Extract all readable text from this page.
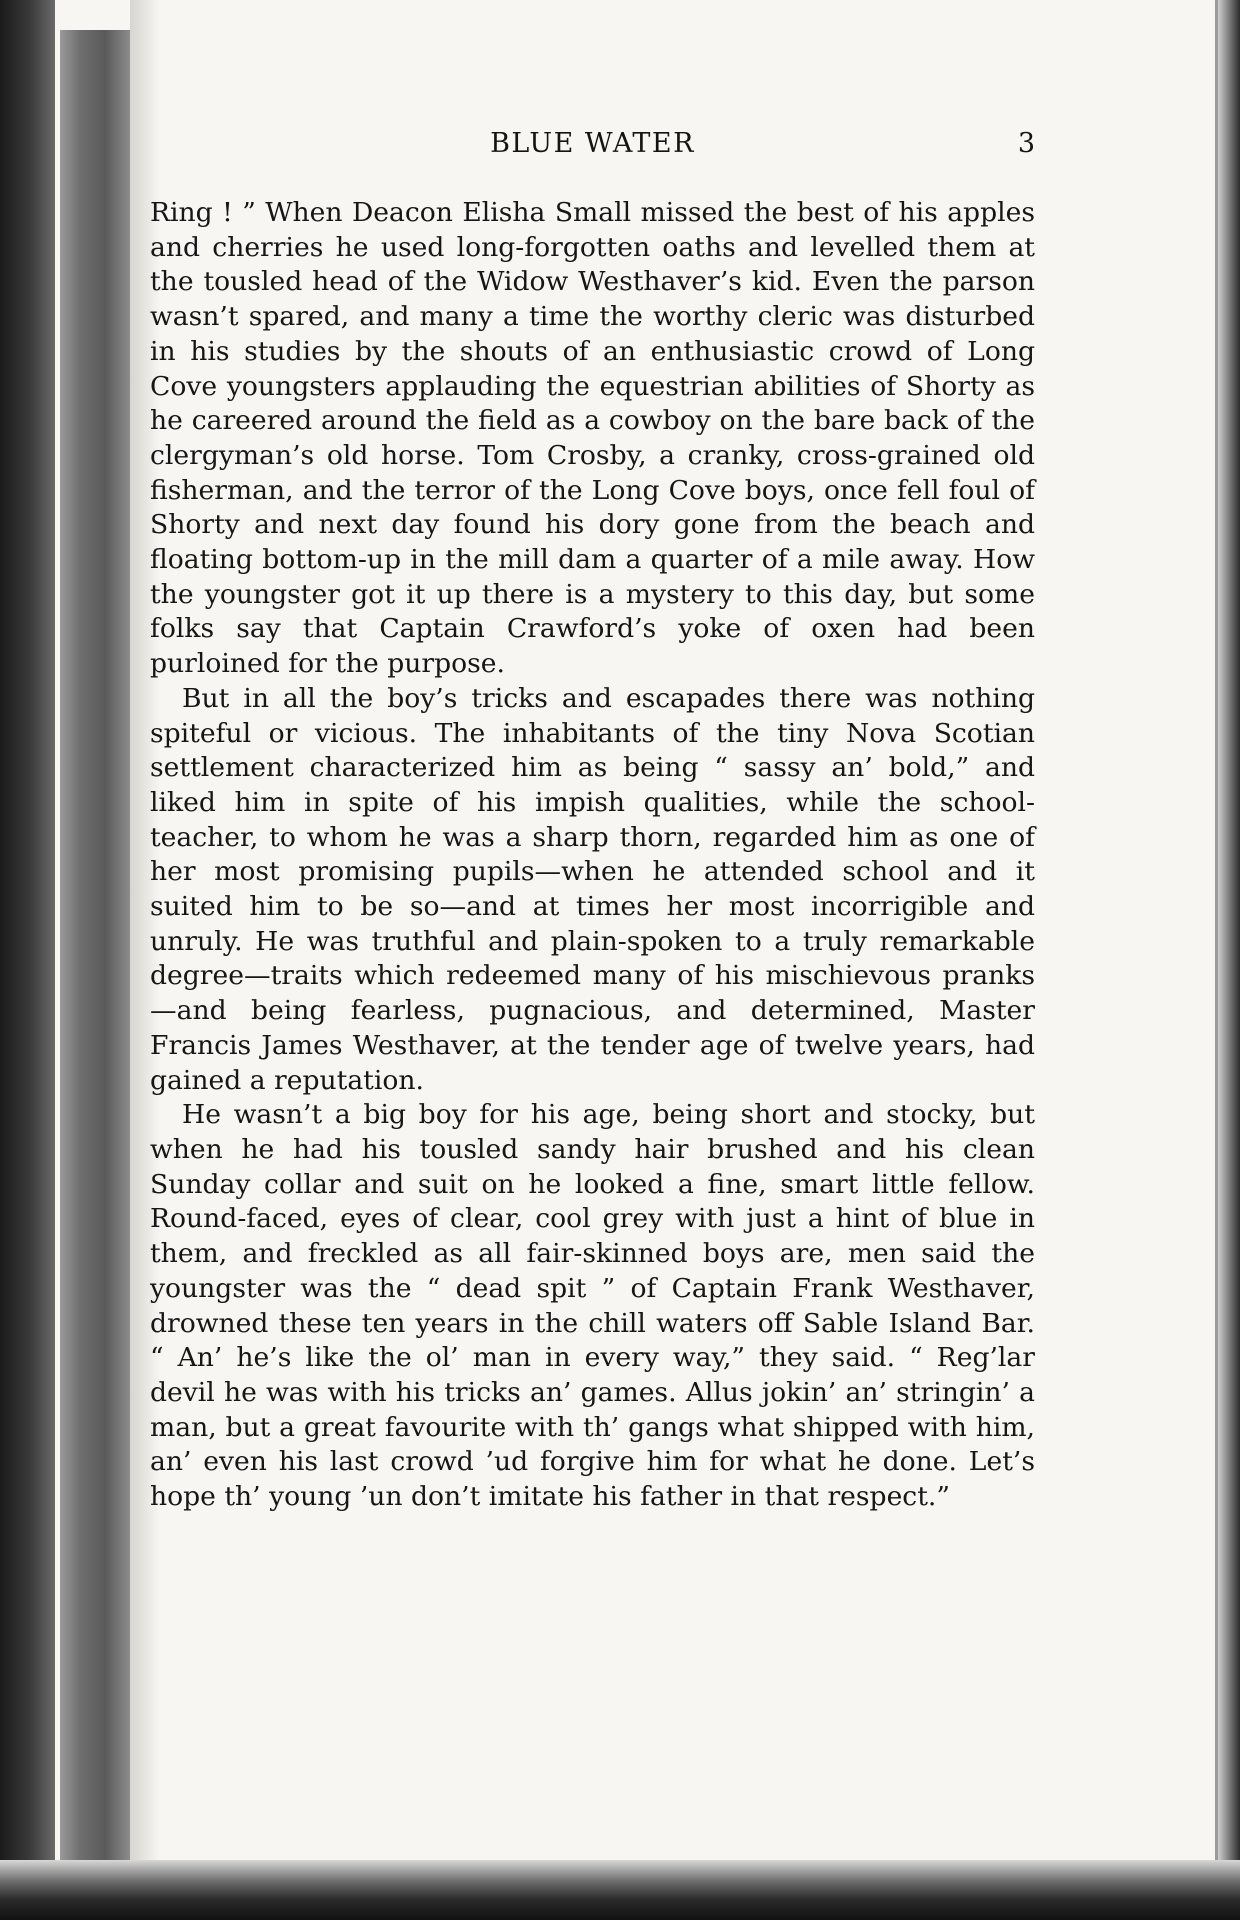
BLUE WATER	3

Ring ! ” When Deacon Elisha Small missed the best of his apples and cherries he used long-forgotten oaths and levelled them at the tousled head of the Widow Westhaver’s kid. Even the parson wasn’t spared, and many a time the worthy cleric was disturbed in his studies by the shouts of an enthusiastic crowd of Long Cove youngsters applauding the equestrian abilities of Shorty as he careered around the field as a cowboy on the bare back of the clergyman’s old horse. Tom Crosby, a cranky, cross-grained old fisherman, and the terror of the Long Cove boys, once fell foul of Shorty and next day found his dory gone from the beach and floating bottom-up in the mill dam a quarter of a mile away. How the youngster got it up there is a mystery to this day, but some folks say that Captain Crawford’s yoke of oxen had been purloined for the purpose.

But in all the boy’s tricks and escapades there was nothing spiteful or vicious. The inhabitants of the tiny Nova Scotian settlement characterized him as being “ sassy an’ bold,” and liked him in spite of his impish qualities, while the school-teacher, to whom he was a sharp thorn, regarded him as one of her most promising pupils—when he attended school and it suited him to be so—and at times her most incorrigible and unruly. He was truthful and plain-spoken to a truly remarkable degree—traits which redeemed many of his mischievous pranks—and being fearless, pugnacious, and determined, Master Francis James Westhaver, at the tender age of twelve years, had gained a reputation.

He wasn’t a big boy for his age, being short and stocky, but when he had his tousled sandy hair brushed and his clean Sunday collar and suit on he looked a fine, smart little fellow. Round-faced, eyes of clear, cool grey with just a hint of blue in them, and freckled as all fair-skinned boys are, men said the youngster was the “ dead spit ” of Captain Frank Westhaver, drowned these ten years in the chill waters off Sable Island Bar. “ An’ he’s like the ol’ man in every way,” they said. “ Reg’lar devil he was with his tricks an’ games. Allus jokin’ an’ stringin’ a man, but a great favourite with th’ gangs what shipped with him, an’ even his last crowd ’ud forgive him for what he done. Let’s hope th’ young ’un don’t imitate his father in that respect.”
